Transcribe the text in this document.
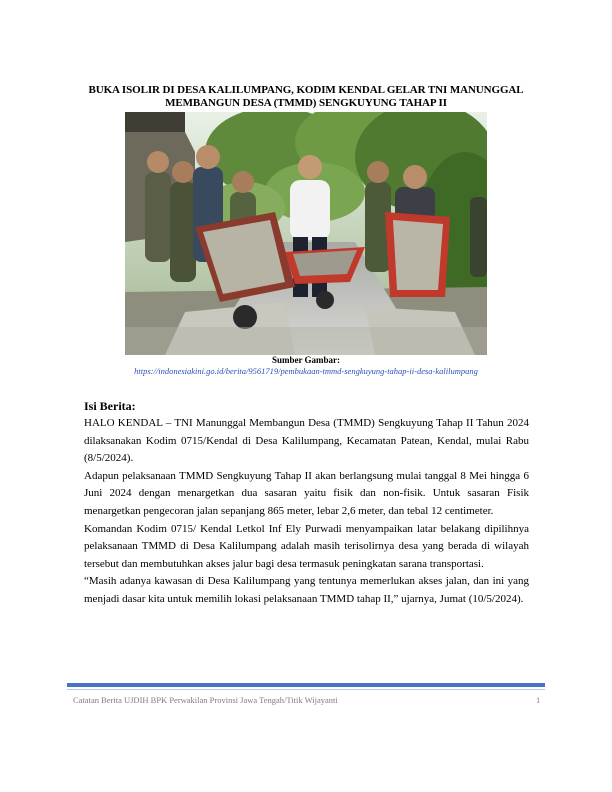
BUKA ISOLIR DI DESA KALILUMPANG, KODIM KENDAL GELAR TNI MANUNGGAL MEMBANGUN DESA (TMMD) SENGKUYUNG TAHAP II
Sumber Gambar:
https://indonesiakini.go.id/berita/9561719/pembukaan-tmmd-sengkuyung-tahap-ii-desa-kalilumpang

Isi Berita:

HALO KENDAL – TNI Manunggal Membangun Desa (TMMD) Sengkuyung Tahap II Tahun 2024 dilaksanakan Kodim 0715/Kendal di Desa Kalilumpang, Kecamatan Patean, Kendal, mulai Rabu (8/5/2024).

Adapun pelaksanaan TMMD Sengkuyung Tahap II akan berlangsung mulai tanggal 8 Mei hingga 6 Juni 2024 dengan menargetkan dua sasaran yaitu fisik dan non-fisik. Untuk sasaran Fisik menargetkan pengecoran jalan sepanjang 865 meter, lebar 2,6 meter, dan tebal 12 centimeter.

Komandan Kodim 0715/ Kendal Letkol Inf Ely Purwadi menyampaikan latar belakang dipilihnya pelaksanaan TMMD di Desa Kalilumpang adalah masih terisolirnya desa yang berada di wilayah tersebut dan membutuhkan akses jalur bagi desa termasuk peningkatan sarana transportasi.

“Masih adanya kawasan di Desa Kalilumpang yang tentunya memerlukan akses jalan, dan ini yang menjadi dasar kita untuk memilih lokasi pelaksanaan TMMD tahap II,” ujarnya, Jumat (10/5/2024).

Catatan Berita UJDIH BPK Perwakilan Provinsi Jawa Tengah/Titik Wijayanti	1
